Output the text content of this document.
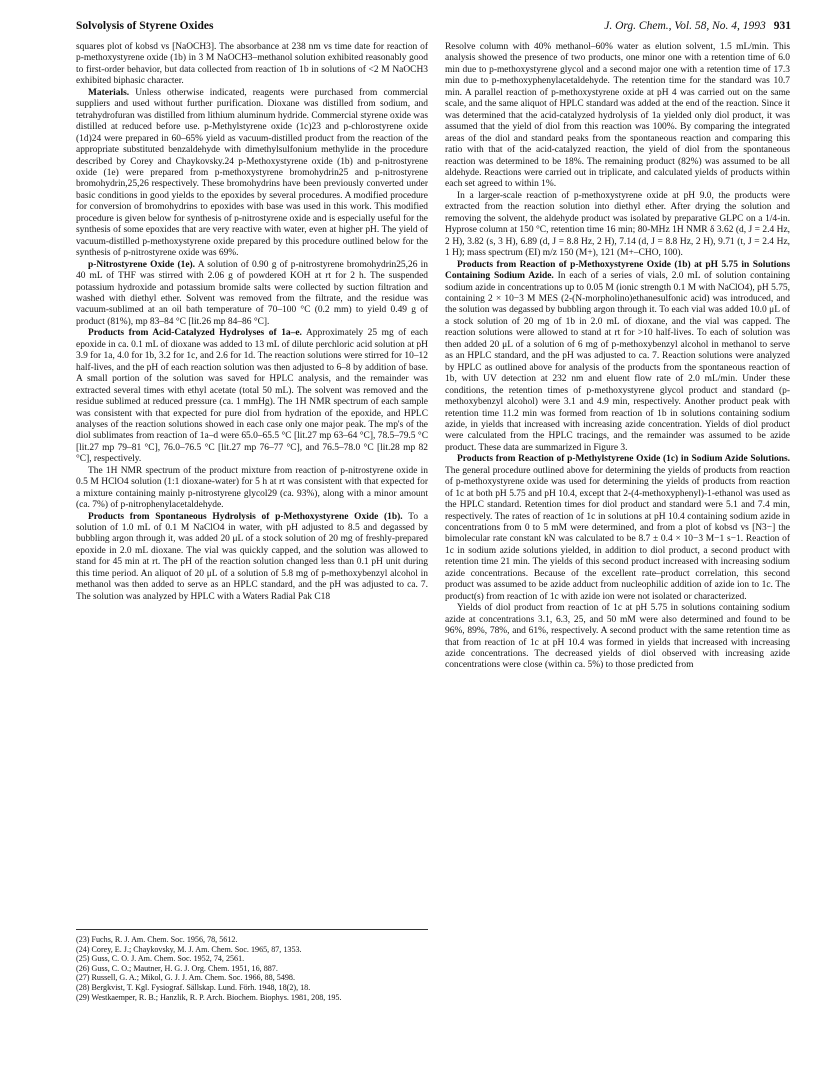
Solvolysis of Styrene Oxides	J. Org. Chem., Vol. 58, No. 4, 1993 931

squares plot of kobsd vs [NaOCH3]. The absorbance at 238 nm vs time date for reaction of p-methoxystyrene oxide (1b) in 3 M NaOCH3–methanol solution exhibited reasonably good to first-order behavior, but data collected from reaction of 1b in solutions of <2 M NaOCH3 exhibited biphasic character.

Materials. Unless otherwise indicated, reagents were purchased from commercial suppliers and used without further purification. Dioxane was distilled from sodium, and tetrahydrofuran was distilled from lithium aluminum hydride. Commercial styrene oxide was distilled at reduced before use. p-Methylstyrene oxide (1c)23 and p-chlorostyrene oxide (1d)24 were prepared in 60–65% yield as vacuum-distilled product from the reaction of the appropriate substituted benzaldehyde with dimethylsulfonium methylide in the procedure described by Corey and Chaykovsky.24 p-Methoxystyrene oxide (1b) and p-nitrostyrene oxide (1e) were prepared from p-methoxystyrene bromohydrin25 and p-nitrostyrene bromohydrin,25,26 respectively. These bromohydrins have been previously converted under basic conditions in good yields to the epoxides by several procedures. A modified procedure for conversion of bromohydrins to epoxides with base was used in this work. This modified procedure is given below for synthesis of p-nitrostyrene oxide and is especially useful for the synthesis of some epoxides that are very reactive with water, even at higher pH. The yield of vacuum-distilled p-methoxystyrene oxide prepared by this procedure outlined below for the synthesis of p-nitrostyrene oxide was 69%.

p-Nitrostyrene Oxide (1e). A solution of 0.90 g of p-nitrostyrene bromohydrin25,26 in 40 mL of THF was stirred with 2.06 g of powdered KOH at rt for 2 h. The suspended potassium hydroxide and potassium bromide salts were collected by suction filtration and washed with diethyl ether. Solvent was removed from the filtrate, and the residue was vacuum-sublimed at an oil bath temperature of 70–100 °C (0.2 mm) to yield 0.49 g of product (81%), mp 83–84 °C [lit.26 mp 84–86 °C].

Products from Acid-Catalyzed Hydrolyses of 1a–e. Approximately 25 mg of each epoxide in ca. 0.1 mL of dioxane was added to 13 mL of dilute perchloric acid solution at pH 3.9 for 1a, 4.0 for 1b, 3.2 for 1c, and 2.6 for 1d. The reaction solutions were stirred for 10–12 half-lives, and the pH of each reaction solution was then adjusted to 6–8 by addition of base. A small portion of the solution was saved for HPLC analysis, and the remainder was extracted several times with ethyl acetate (total 50 mL). The solvent was removed and the residue sublimed at reduced pressure (ca. 1 mmHg). The 1H NMR spectrum of each sample was consistent with that expected for pure diol from hydration of the epoxide, and HPLC analyses of the reaction solutions showed in each case only one major peak. The mp's of the diol sublimates from reaction of 1a–d were 65.0–65.5 °C [lit.27 mp 63–64 °C], 78.5–79.5 °C [lit.27 mp 79–81 °C], 76.0–76.5 °C [lit.27 mp 76–77 °C], and 76.5–78.0 °C [lit.28 mp 82 °C], respectively.

The 1H NMR spectrum of the product mixture from reaction of p-nitrostyrene oxide in 0.5 M HClO4 solution (1:1 dioxane-water) for 5 h at rt was consistent with that expected for a mixture containing mainly p-nitrostyrene glycol29 (ca. 93%), along with a minor amount (ca. 7%) of p-nitrophenylacetaldehyde.

Products from Spontaneous Hydrolysis of p-Methoxystyrene Oxide (1b). To a solution of 1.0 mL of 0.1 M NaClO4 in water, with pH adjusted to 8.5 and degassed by bubbling argon through it, was added 20 μL of a stock solution of 20 mg of freshly-prepared epoxide in 2.0 mL dioxane. The vial was quickly capped, and the solution was allowed to stand for 45 min at rt. The pH of the reaction solution changed less than 0.1 pH unit during this time period. An aliquot of 20 μL of a solution of 5.8 mg of p-methoxybenzyl alcohol in methanol was then added to serve as an HPLC standard, and the pH was adjusted to ca. 7. The solution was analyzed by HPLC with a Waters Radial Pak C18

Resolve column with 40% methanol–60% water as elution solvent, 1.5 mL/min. This analysis showed the presence of two products, one minor one with a retention time of 6.0 min due to p-methoxystyrene glycol and a second major one with a retention time of 17.3 min due to p-methoxyphenylacetaldehyde. The retention time for the standard was 10.7 min. A parallel reaction of p-methoxystyrene oxide at pH 4 was carried out on the same scale, and the same aliquot of HPLC standard was added at the end of the reaction. Since it was determined that the acid-catalyzed hydrolysis of 1a yielded only diol product, it was assumed that the yield of diol from this reaction was 100%. By comparing the integrated areas of the diol and standard peaks from the spontaneous reaction and comparing this ratio with that of the acid-catalyzed reaction, the yield of diol from the spontaneous reaction was determined to be 18%. The remaining product (82%) was assumed to be all aldehyde. Reactions were carried out in triplicate, and calculated yields of products within each set agreed to within 1%.

In a larger-scale reaction of p-methoxystyrene oxide at pH 9.0, the products were extracted from the reaction solution into diethyl ether. After drying the solution and removing the solvent, the aldehyde product was isolated by preparative GLPC on a 1/4-in. Hyprose column at 150 °C, retention time 16 min; 80-MHz 1H NMR δ 3.62 (d, J = 2.4 Hz, 2 H), 3.82 (s, 3 H), 6.89 (d, J = 8.8 Hz, 2 H), 7.14 (d, J = 8.8 Hz, 2 H), 9.71 (t, J = 2.4 Hz, 1 H); mass spectrum (EI) m/z 150 (M+), 121 (M+–CHO, 100).

Products from Reaction of p-Methoxystyrene Oxide (1b) at pH 5.75 in Solutions Containing Sodium Azide. In each of a series of vials, 2.0 mL of solution containing sodium azide in concentrations up to 0.05 M (ionic strength 0.1 M with NaClO4), pH 5.75, containing 2 × 10−3 M MES (2-(N-morpholino)ethanesulfonic acid) was introduced, and the solution was degassed by bubbling argon through it. To each vial was added 10.0 μL of a stock solution of 20 mg of 1b in 2.0 mL of dioxane, and the vial was capped. The reaction solutions were allowed to stand at rt for >10 half-lives. To each of solution was then added 20 μL of a solution of 6 mg of p-methoxybenzyl alcohol in methanol to serve as an HPLC standard, and the pH was adjusted to ca. 7. Reaction solutions were analyzed by HPLC as outlined above for analysis of the products from the spontaneous reaction of 1b, with UV detection at 232 nm and eluent flow rate of 2.0 mL/min. Under these conditions, the retention times of p-methoxystyrene glycol product and standard (p-methoxybenzyl alcohol) were 3.1 and 4.9 min, respectively. Another product peak with retention time 11.2 min was formed from reaction of 1b in solutions containing sodium azide, in yields that increased with increasing azide concentration. Yields of diol product were calculated from the HPLC tracings, and the remainder was assumed to be azide product. These data are summarized in Figure 3.

Products from Reaction of p-Methylstyrene Oxide (1c) in Sodium Azide Solutions. The general procedure outlined above for determining the yields of products from reaction of p-methoxystyrene oxide was used for determining the yields of products from reaction of 1c at both pH 5.75 and pH 10.4, except that 2-(4-methoxyphenyl)-1-ethanol was used as the HPLC standard. Retention times for diol product and standard were 5.1 and 7.4 min, respectively. The rates of reaction of 1c in solutions at pH 10.4 containing sodium azide in concentrations from 0 to 5 mM were determined, and from a plot of kobsd vs [N3−] the bimolecular rate constant kN was calculated to be 8.7 ± 0.4 × 10−3 M−1 s−1. Reaction of 1c in sodium azide solutions yielded, in addition to diol product, a second product with retention time 21 min. The yields of this second product increased with increasing sodium azide concentrations. Because of the excellent rate–product correlation, this second product was assumed to be azide adduct from nucleophilic addition of azide ion to 1c. The product(s) from reaction of 1c with azide ion were not isolated or characterized.

Yields of diol product from reaction of 1c at pH 5.75 in solutions containing sodium azide at concentrations 3.1, 6.3, 25, and 50 mM were also determined and found to be 96%, 89%, 78%, and 61%, respectively. A second product with the same retention time as that from reaction of 1c at pH 10.4 was formed in yields that increased with increasing azide concentrations. The decreased yields of diol observed with increasing azide concentrations were close (within ca. 5%) to those predicted from

(23) Fuchs, R. J. Am. Chem. Soc. 1956, 78, 5612.
(24) Corey, E. J.; Chaykovsky, M. J. Am. Chem. Soc. 1965, 87, 1353.
(25) Guss, C. O. J. Am. Chem. Soc. 1952, 74, 2561.
(26) Guss, C. O.; Mautner, H. G. J. Org. Chem. 1951, 16, 887.
(27) Russell, G. A.; Mikol, G. J. J. Am. Chem. Soc. 1966, 88, 5498.
(28) Bergkvist, T. Kgl. Fysiograf. Sällskap. Lund. Förh. 1948, 18(2), 18.
(29) Westkaemper, R. B.; Hanzlik, R. P. Arch. Biochem. Biophys. 1981, 208, 195.
